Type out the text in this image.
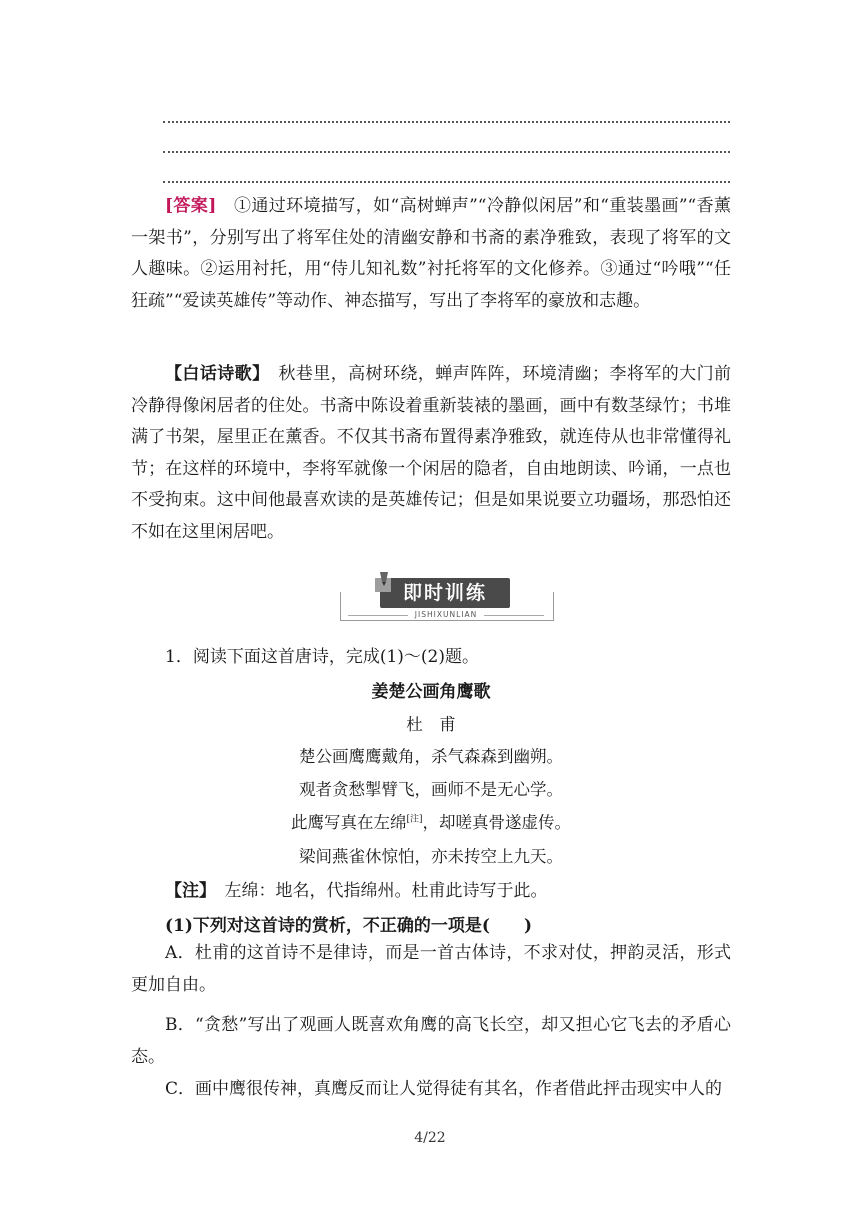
[答案]　 ①通过环境描写，如“高树蝉声”“冷静似闲居”和“重装墨画”“香薰一架书”，分别写出了将军住处的清幽安静和书斋的素净雅致，表现了将军的文人趣味。②运用衬托，用“侍儿知礼数”衬托将军的文化修养。③通过“吟哦”“任狂疏”“爱读英雄传”等动作、神态描写，写出了李将军的豪放和志趣。
【白话诗歌】　 秋巷里，高树环绕，蝉声阵阵，环境清幽；李将军的大门前冷静得像闲居者的住处。书斋中陈设着重新装裱的墨画，画中有数茎绿竹；书堆满了书架，屋里正在薰香。不仅其书斋布置得素净雅致，就连侍从也非常懂得礼节；在这样的环境中，李将军就像一个闲居的隐者，自由地朗读、吟诵，一点也不受拘束。这中间他最喜欢读的是英雄传记；但是如果说要立功疆场，那恐怕还不如在这里闲居吧。
即时训练
JISHIXUNLIAN
1．阅读下面这首唐诗，完成(1)～(2)题。
姜楚公画角鹰歌
杜　甫
楚公画鹰鹰戴角，杀气森森到幽朔。
观者贪愁掣臂飞，画师不是无心学。
此鹰写真在左绵[注]，却嗟真骨遂虚传。
梁间燕雀休惊怕，亦未抟空上九天。
【注】　 左绵：地名，代指绵州。杜甫此诗写于此。
(1)下列对这首诗的赏析，不正确的一项是(　　)
A．杜甫的这首诗不是律诗，而是一首古体诗，不求对仗，押韵灵活，形式更加自由。
B．“贪愁”写出了观画人既喜欢角鹰的高飞长空，却又担心它飞去的矛盾心态。
C．画中鹰很传神，真鹰反而让人觉得徒有其名，作者借此抨击现实中人的
4/22
